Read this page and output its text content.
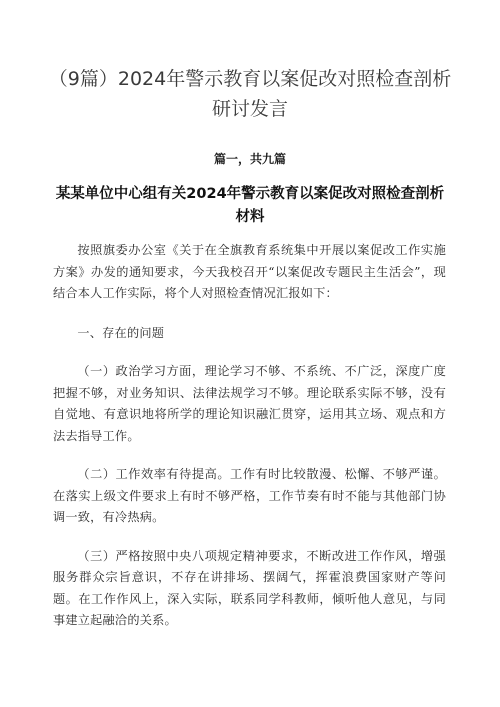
（9篇）2024年警示教育以案促改对照检查剖析研讨发言
篇一，共九篇
某某单位中心组有关2024年警示教育以案促改对照检查剖析材料

按照旗委办公室《关于在全旗教育系统集中开展以案促改工作实施方案》办发的通知要求，今天我校召开“以案促改专题民主生活会”，现结合本人工作实际，将个人对照检查情况汇报如下：

一、存在的问题

（一）政治学习方面，理论学习不够、不系统、不广泛，深度广度把握不够，对业务知识、法律法规学习不够。理论联系实际不够，没有自觉地、有意识地将所学的理论知识融汇贯穿，运用其立场、观点和方法去指导工作。

（二）工作效率有待提高。工作有时比较散漫、松懈、不够严谨。在落实上级文件要求上有时不够严格，工作节奏有时不能与其他部门协调一致，有冷热病。

（三）严格按照中央八项规定精神要求，不断改进工作作风，增强服务群众宗旨意识，不存在讲排场、摆阔气，挥霍浪费国家财产等问题。在工作作风上，深入实际，联系同学科教师，倾听他人意见，与同事建立起融洽的关系。
